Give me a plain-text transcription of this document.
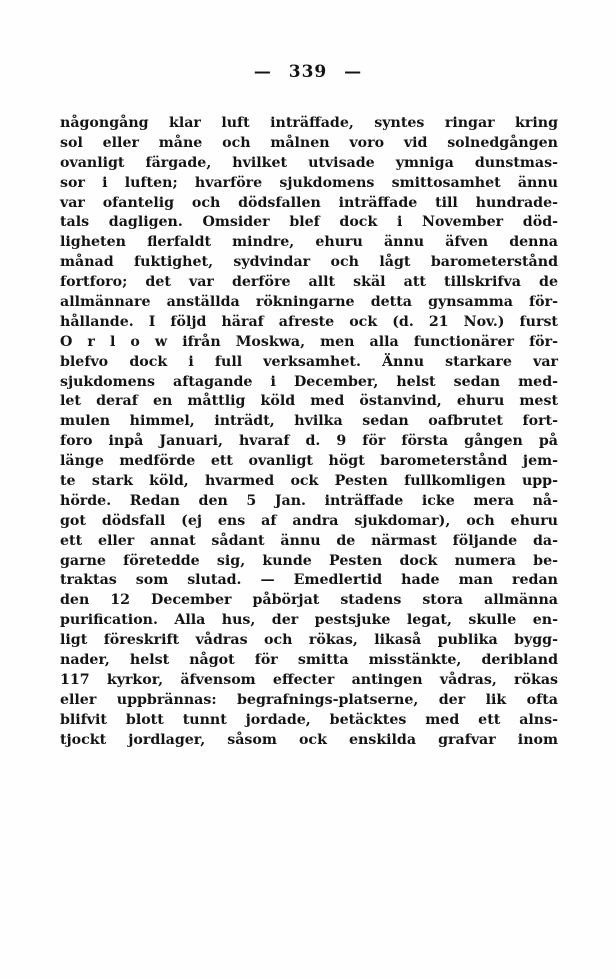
— 339 —
någongång klar luft inträffade, syntes ringar kring
sol eller måne och målnen voro vid solnedgången
ovanligt färgade, hvilket utvisade ymniga dunstmas-
sor i luften; hvarföre sjukdomens smittosamhet ännu
var ofantelig och dödsfallen inträffade till hundrade-
tals dagligen. Omsider blef dock i November död-
ligheten flerfaldt mindre, ehuru ännu äfven denna
månad fuktighet, sydvindar och lågt barometerstånd
fortforo; det var derföre allt skäl att tillskrifva de
allmännare anställda rökningarne detta gynsamma för-
hållande. I följd häraf afreste ock (d. 21 Nov.) furst
O r l o w ifrån Moskwa, men alla functionärer för-
blefvo dock i full verksamhet. Ännu starkare var
sjukdomens aftagande i December, helst sedan med-
let deraf en måttlig köld med östanvind, ehuru mest
mulen himmel, inträdt, hvilka sedan oafbrutet fort-
foro inpå Januari, hvaraf d. 9 för första gången på
länge medförde ett ovanligt högt barometerstånd jem-
te stark köld, hvarmed ock Pesten fullkomligen upp-
hörde. Redan den 5 Jan. inträffade icke mera nå-
got dödsfall (ej ens af andra sjukdomar), och ehuru
ett eller annat sådant ännu de närmast följande da-
garne företedde sig, kunde Pesten dock numera be-
traktas som slutad. — Emedlertid hade man redan
den 12 December påbörjat stadens stora allmänna
purification. Alla hus, der pestsjuke legat, skulle en-
ligt föreskrift vådras och rökas, likaså publika bygg-
nader, helst något för smitta misstänkte, deribland
117 kyrkor, äfvensom effecter antingen vådras, rökas
eller uppbrännas: begrafnings-platserne, der lik ofta
blifvit blott tunnt jordade, betäcktes med ett alns-
tjockt jordlager, såsom ock enskilda grafvar inom
